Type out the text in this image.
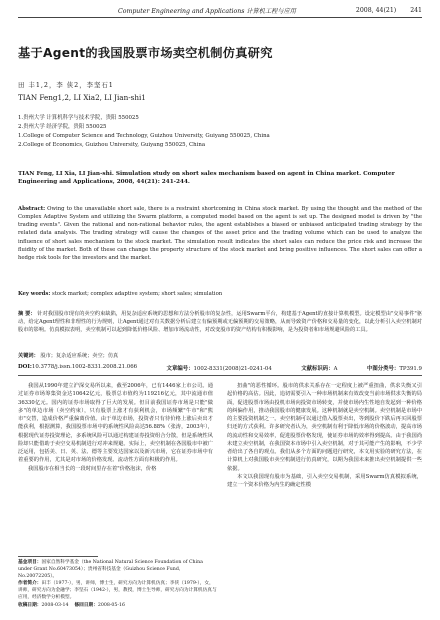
Computer Engineering and Applications 计算机工程与应用	2008, 44(21) 241
基于Agent的我国股票市场卖空机制仿真研究
田 丰1,2，李 侠2，李坚石1
TIAN Feng1,2, LI Xia2, LI Jian-shi1
1.贵州大学 计算机科学与技术学院，贵阳 550025
2.贵州大学 经济学院，贵阳 550025
1.College of Computer Science and Technology, Guizhou University, Guiyang 550025, China
2.College of Economics, Guizhou University, Guiyang 550025, China
TIAN Feng, LI Xia, LI Jian-shi. Simulation study on short sales mechanism based on agent in China market. Computer Engineering and Applications, 2008, 44(21): 241-244.
Abstract: Owing to the unavailable short sale, there is a restraint shortcoming in China stock market. By using the thought and the method of the Complex Adaptive System and utilizing the Swarm platform, a computed model based on the agent is set up. The designed model is driven by "the trading events". Given the rational and non-rational behavior rules, the agent establishes a biased or unbiased anticipated trading strategy by the related data analysis. The trading strategy will cause the changes of the asset price and the trading volume which can be used to analyze the influence of short sales mechanism to the stock market. The simulation result indicates the short sales can reduce the price risk and increase the fluidity of the market. Both of these can change the property structure of the stock market and bring positive influences. The short sales can offer a hedge risk tools for the investors and the market.
Key words: stock market; complex adaptive system; short sales; simulation
摘 要： 针对我国股市现有的卖空约束缺陷，用复杂适应系统的思想和方法分析股市的复杂性，运用Swarm平台，构建基于Agent的直接计算机模型。设定模型由"交易事件"驱动，给定Agent理性和非理性的行为规则，让Agent通过对有关数据分析后建立有偏预期或无偏预期的交易策略，从而导致资产价格和交易量的变化，以此分析引入卖空机制对股市的影响。仿真模拟表明，卖空机制可以起到降低价格风险、增加市场流动性，对改变股市的资产结构有积极影响，是为投资者和市场规避风险的工具。
关键词： 股市；复杂适应系统；卖空；仿真
DOI:10.3778/j.issn.1002-8331.2008.21.066	文章编号：1002-8331(2008)21-0241-04	文献标识码：A	中图分类号：TP391.9

我国从1990年建立沪深交易所以来，截至2006年，已有1446家上市公司。通过证券市场筹集资金达10642亿元，股票总市值约为119216亿元，其中流通市值36330亿元。国内的证券市场取得了巨大的发展。但目前我国证券市场是只能"做多"的单边市场（卖空约束），只有股票上涨才有获利机会，市场频繁"牛市"和"熊市"交替，造成价格严重偏离价值。由于单边市场，投资者只有待价格上涨后卖出才能获利，根据测算，我国股票市场中的系统性风险高达56.88%（张涛，2003年），根据现代证券投资理论，多系统风险可以通过构建证券投资组合分散，但是系统性风险却只能借助于卖空交易机制进行对冲来规避。实际上，卖空机制在各国股市中被广泛运用，包括美、日、英、法、德等主要发达国家以及新兴市场，它在证券市场中有着重要的作用，尤其是对市场的价格发现、流动性方面有积极的作用。

我国股市在相当长的一段时间里存在着"价格泡沫，价格

扭曲"的恶性循环。股市的供求关系存在一定程度上被严重扭曲，供求失衡又引起价格的高估。因此，追切需要引入一种市场机制来有效改变当前市场供求失衡的局面，促进股票市场由投机市场向投资市场转变，并使市场内生性地自发起到一种价格的纠偏作用，推动我国股市的健康发展。这种机制就是卖空机制。卖空机制是市场中的主要投资机制之一。卖空机制可以通过借入股票卖出，等到股价下跌后再买回股票归还的方式获利。许多研究者认为，卖空机制有利于降低市场的价格波动，提高市场的流动性和交易效率，促进股票价格发现，使证券市场的效率得到提高。由于我国尚未建立卖空机制，在我国资本市场中引入卖空机制，对于其可能产生的影响，不少学者给出了各自的观点。我们从多个方面的问题进行研究，本文用实验的研究方法，在计算机上对我国股市卖空机制进行仿真研究，以期为我国未来推出卖空机制提供一些依据。

本文以我国现有股市为基础，引入卖空交易机制，采用Swarm仿真模拟系统，建立一个资本价格为内生的确定性模

基金项目：国家自然科学基金（the National Natural Science Foundation of China under Grant No.60473054）；贵州省科技基金（Guizhou Science Fund, No.20072205）。
作者简介：田丰（1977-），男，讲师，博士生，研究方向为计算机仿真；李侠（1979-），女，讲师，研究方向为金融学；李坚石（1942-），男，教授，博士生导师，研究方向为计算机仿真与应用，经济数学分析模型。
收稿日期：2008-03-14 修回日期：2008-05-16
